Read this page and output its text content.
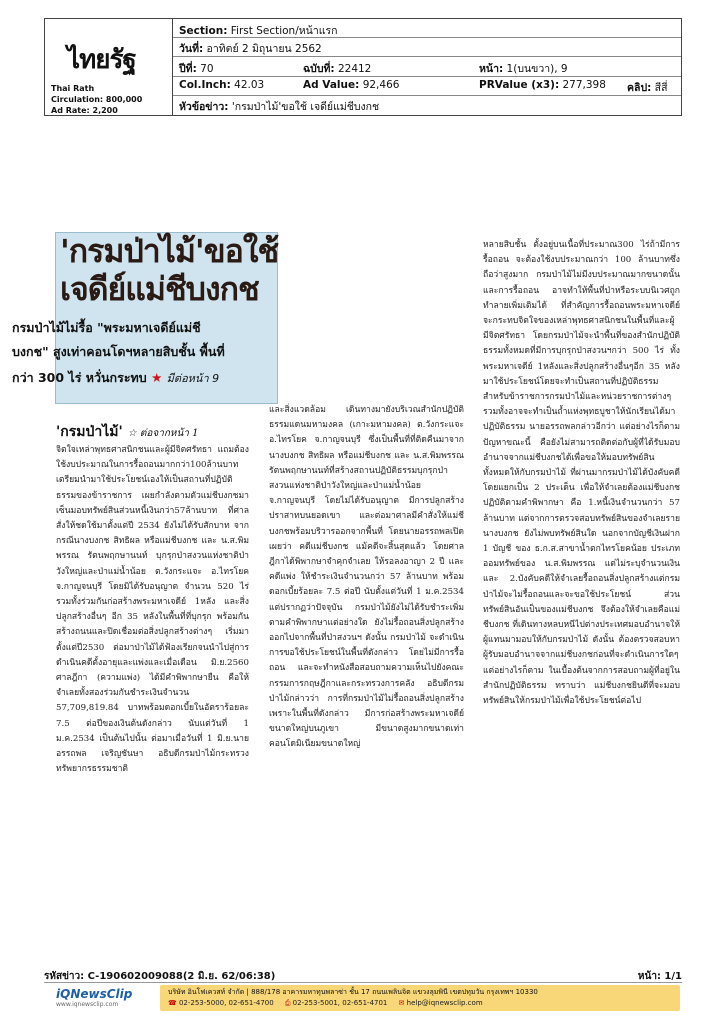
ไทยรัฐ
Thai Rath
Circulation: 800,000
Ad Rate: 2,200
Section: First Section/หน้าแรก
วันที่: อาทิตย์ 2 มิถุนายน 2562
ปีที่: 70	ฉบับที่: 22412	หน้า: 1(บนขวา), 9
Col.Inch: 42.03	Ad Value: 92,466	PRValue (x3): 277,398 คลิป: สีสี่
หัวข้อข่าว: 'กรมป่าไม้'ขอใช้ เจดีย์แม่ชีบงกช
'กรมป่าไม้'ขอใช้
เจดีย์แม่ชีบงกช
กรมป่าไม้ไม่รื้อ "พระมหาเจดีย์แม่ชี
บงกช" สูงเท่าคอนโดฯหลายสิบชั้น พื้นที่
กว่า 300 ไร่ หวั่นกระทบ ★ มีต่อหน้า 9
'กรมป่าไม้' ☆ ต่อจากหน้า 1

จิตใจเหล่าพุทธศาสนิกชนและผู้มีจิตศรัทธา แถมต้องใช้งบประมาณในการรื้อถอนมากกว่า100ล้านบาท เตรียมนำมาใช้ประโยชน์เองให้เป็นสถานที่ปฏิบัติธรรมของข้าราชการ เผยกำลังตามตัวแม่ชีบงกชมาเซ็นมอบทรัพย์สินส่วนหนี้เงินกว่า57ล้านบาท ที่ศาลสั่งให้ชดใช้มาตั้งแต่ปี 2534 ยังไม่ได้รับสักบาท จากกรณีนางบงกช สิทธิผล หรือแม่ชีบงกช และ น.ส.พิมพรรณ รัตนพฤกษานนท์ บุกรุกป่าสงวนแห่งชาติป่าวังใหญ่และป่าแม่น้ำน้อย ต.วังกระแจะ อ.ไทรโยค จ.กาญจนบุรี โดยมิได้รับอนุญาต จำนวน 520 ไร่ รวมทั้งร่วมกันก่อสร้างพระมหาเจดีย์ 1หลัง และสิ่งปลูกสร้างอื่นๆ อีก 35 หลังในพื้นที่ที่บุกรุก พร้อมกันสร้างถนนและปิดเชื่อมต่อสิ่งปลูกสร้างต่างๆ เริ่มมาตั้งแต่ปี2530 ต่อมาป่าไม้ได้ฟ้องเรียกจนนำไปสู่การดำเนินคดีตั้งอายุและแพ่งและเมื่อเดือน มิ.ย.2560 ศาลฎีกา (ความแพ่ง) ได้มีคำพิพากษายืน คือให้จำเลยทั้งสองร่วมกันชำระเงินจำนวน 57,709,819.84 บาทพร้อมดอกเบี้ยในอัตราร้อยละ 7.5 ต่อปีของเงินต้นดังกล่าว นับแต่วันที่ 1 ม.ค.2534 เป็นต้นไปนั้น ต่อมาเมื่อวันที่ 1 มิ.ย.นายอรรถพล เจริญชันษา อธิบดีกรมป่าไม้กระทรวงทรัพยากรธรรมชาติ

และสิ่งแวดล้อม เดินทางมายังบริเวณสำนักปฏิบัติธรรมแดนมหามงคล (เกาะมหามงคล) ต.วังกระแจะ อ.ไทรโยค จ.กาญจนบุรี ซึ่งเป็นพื้นที่ที่ติดคืนมาจากนางบงกช สิทธิผล หรือแม่ชีบงกช และ น.ส.พิมพรรณ รัตนพฤกษานนท์ที่สร้างสถานปฏิบัติธรรมบุกรุกป่าสงวนแห่งชาติป่าวังใหญ่และป่าแม่น้ำน้อย จ.กาญจนบุรี โดยไม่ได้รับอนุญาต มีการปลูกสร้างปราสาทบนยอดเขา และต่อมาศาลมีคำสั่งให้แม่ชีบงกชพร้อมบริวารออกจากพื้นที่ โดยนายอรรถพลเปิดเผยว่า คดีแม่ชีบงกช แม้คดีจะสิ้นสุดแล้ว โดยศาลฎีกาได้พิพากษาจำคุกจำเลย ให้รอลงอาญา 2 ปี และคดีแพ่ง ให้ชำระเงินจำนวนกว่า 57 ล้านบาท พร้อมดอกเบี้ยร้อยละ 7.5 ต่อปี นับตั้งแต่วันที่ 1 ม.ค.2534 แต่ปรากฏว่าปัจจุบัน กรมป่าไม้ยังไม่ได้รับชำระเพิ่มตามคำพิพากษาแต่อย่างใด ยังไม่รื้อถอนสิ่งปลูกสร้างออกไปจากพื้นที่ป่าสงวนฯ ดังนั้น กรมป่าไม้ จะดำเนินการขอใช้ประโยชน์ในพื้นที่ดังกล่าว โดยไม่มีการรื้อถอน และจะทำหนังสือสอบถามความเห็นไปยังคณะกรรมการกฤษฎีกาและกระทรวงการคลัง อธิบดีกรมป่าไม้กล่าวว่า การที่กรมป่าไม้ไม่รื้อถอนสิ่งปลูกสร้าง เพราะในพื้นที่ดังกล่าว มีการก่อสร้างพระมหาเจดีย์ ขนาดใหญ่บนภูเขา มีขนาดสูงมากขนาดเท่าคอนโดมิเนียมขนาดใหญ่

หลายสิบชั้น ตั้งอยู่บนเนื้อที่ประมาณ300 ไร่ถ้ามีการรื้อถอน จะต้องใช้งบประมาณกว่า 100 ล้านบาทซึ่งถือว่าสูงมาก กรมป่าไม้ไม่มีงบประมาณมากขนาดนั้น และการรื้อถอน อาจทำให้พื้นที่ป่าหรือระบบนิเวศถูกทำลายเพิ่มเติมได้ ที่สำคัญการรื้อถอนพระมหาเจดีย์ จะกระทบจิตใจของเหล่าพุทธศาสนิกชนในพื้นที่และผู้มีจิตศรัทธา โดยกรมป่าไม้จะนำพื้นที่ของสำนักปฏิบัติธรรมทั้งหมดที่มีการบุกรุกป่าสงวนฯกว่า 500 ไร่ ทั้งพระมหาเจดีย์ 1หลังและสิ่งปลูกสร้างอื่นๆอีก 35 หลังมาใช้ประโยชน์โดยจะทำเป็นสถานที่ปฏิบัติธรรมสำหรับข้าราชการกรมป่าไม้และหน่วยราชการต่างๆ รวมทั้งอาจจะทำเป็นถ้ำแห่งพุทธบูชาให้นักเรียนได้มาปฏิบัติธรรม นายอรรถพลกล่าวอีกว่า แต่อย่างไรก็ตามปัญหาขณะนี้ คือยังไม่สามารถติดต่อกับผู้ที่ได้รับมอบอำนาจจากแม่ชีบงกชได้เพื่อขอให้มอบทรัพย์สินทั้งหมดให้กับกรมป่าไม้ ที่ผ่านมากรมป่าไม้ได้บังคับคดีโดยแยกเป็น 2 ประเด็น เพื่อให้จำเลยต้องแม่ชีบงกชปฏิบัติตามคำพิพากษา คือ 1.หนี้เงินจำนวนกว่า 57 ล้านบาท แต่จากการตรวจสอบทรัพย์สินของจำเลยรายนางบงกช ยังไม่พบทรัพย์สินใด นอกจากบัญชีเงินฝาก 1 บัญชี ของ ธ.ก.ส.สาขาน้ำตกไทรโยคน้อย ประเภทออมทรัพย์ของ น.ส.พิมพรรณ แต่ไม่ระบุจำนวนเงิน และ 2.บังคับคดีให้จำเลยรื้อถอนสิ่งปลูกสร้างแต่กรมป่าไม้จะไม่รื้อถอนและจะขอใช้ประโยชน์ ส่วนทรัพย์สินอันเป็นของแม่ชีบงกช จึงต้องให้จำเลยคือแม่ชีบงกช ที่เดินทางหลบหนีไปต่างประเทศมอบอำนาจให้ผู้แทนมามอบให้กับกรมป่าไม้ ดังนั้น ต้องตรวจสอบหาผู้รับมอบอำนาจจากแม่ชีบงกชก่อนที่จะดำเนินการใดๆ แต่อย่างไรก็ตาม ในเบื้องต้นจากการสอบถามผู้ที่อยู่ในสำนักปฏิบัติธรรม ทราบว่า แม่ชีบงกชยินดีที่จะมอบทรัพย์สินให้กรมป่าไม้เพื่อใช้ประโยชน์ต่อไป

รหัสข่าว: C-190602009088(2 มิ.ย. 62/06:38)	หน้า: 1/1
iQNewsClip
www.iqnewsclip.com
บริษัท อินโฟเควสท์ จำกัด | 888/178 อาคารมหาทุนพลาซ่า ชั้น 17 ถนนเพลินจิต แขวงลุมพินี เขตปทุมวัน กรุงเทพฯ 10330
☎ 02-253-5000, 02-651-4700 ⎙ 02-253-5001, 02-651-4701 ✉ help@iqnewsclip.com
